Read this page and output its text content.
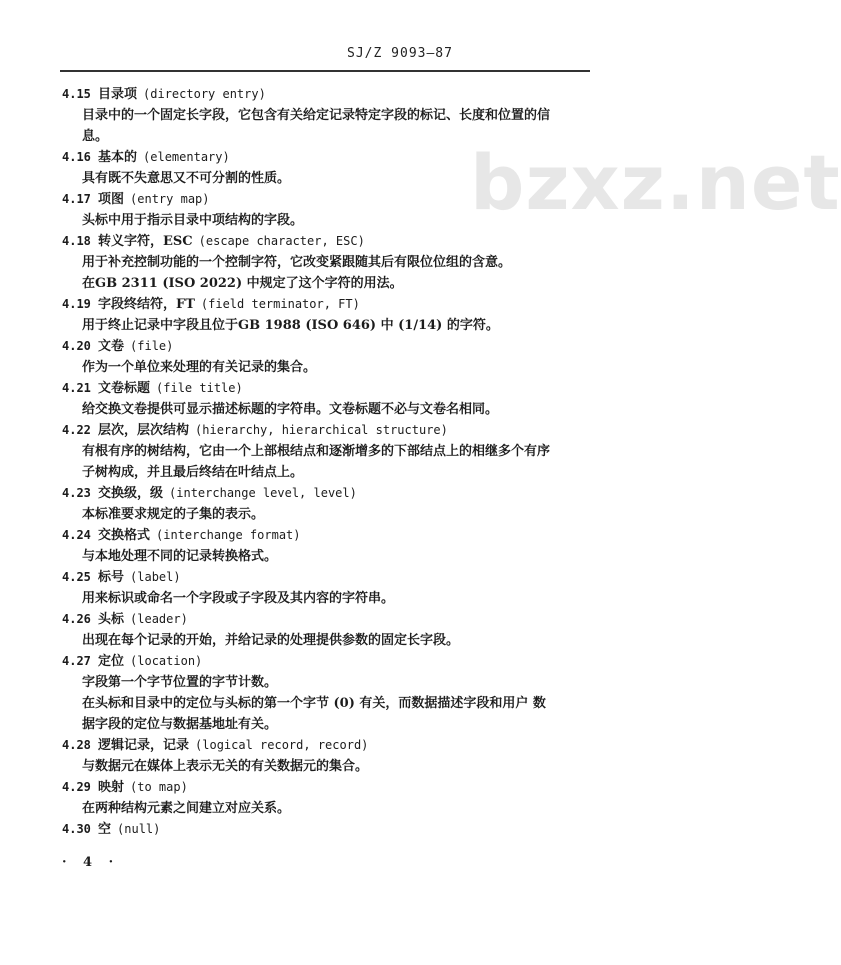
SJ/Z 9093—87
bzxz.net
4.15 目录项 (directory entry)
目录中的一个固定长字段，它包含有关给定记录特定字段的标记、长度和位置的信
息。
4.16 基本的 (elementary)
具有既不失意思又不可分割的性质。
4.17 项图 (entry map)
头标中用于指示目录中项结构的字段。
4.18 转义字符，ESC (escape character, ESC)
用于补充控制功能的一个控制字符，它改变紧跟随其后有限位位组的含意。
在GB 2311 (ISO 2022) 中规定了这个字符的用法。
4.19 字段终结符，FT (field terminator, FT)
用于终止记录中字段且位于GB 1988 (ISO 646) 中 (1/14) 的字符。
4.20 文卷 (file)
作为一个单位来处理的有关记录的集合。
4.21 文卷标题 (file title)
给交换文卷提供可显示描述标题的字符串。文卷标题不必与文卷名相同。
4.22 层次，层次结构 (hierarchy, hierarchical structure)
有根有序的树结构，它由一个上部根结点和逐渐增多的下部结点上的相继多个有序
子树构成，并且最后终结在叶结点上。
4.23 交换级，级 (interchange level, level)
本标准要求规定的子集的表示。
4.24 交换格式 (interchange format)
与本地处理不同的记录转换格式。
4.25 标号 (label)
用来标识或命名一个字段或子字段及其内容的字符串。
4.26 头标 (leader)
出现在每个记录的开始，并给记录的处理提供参数的固定长字段。
4.27 定位 (location)
字段第一个字节位置的字节计数。
在头标和目录中的定位与头标的第一个字节 (0) 有关，而数据描述字段和用户 数
据字段的定位与数据基地址有关。
4.28 逻辑记录，记录 (logical record, record)
与数据元在媒体上表示无关的有关数据元的集合。
4.29 映射 (to map)
在两种结构元素之间建立对应关系。
4.30 空 (null)
· 4 ·
